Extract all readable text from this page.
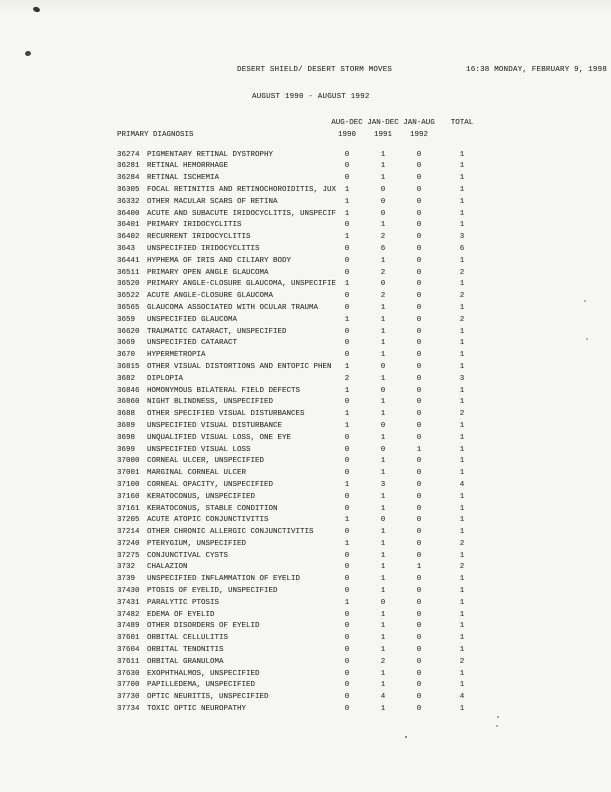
DESERT SHIELD/ DESERT STORM MOVES	16:38 MONDAY, FEBRUARY 9, 1998
AUGUST 1990 - AUGUST 1992
AUG-DEC JAN-DEC JAN-AUG	TOTAL
PRIMARY DIAGNOSIS	1990	1991	1992
36274 PIGMENTARY RETINAL DYSTROPHY	0	1	0	1
36281 RETINAL HEMORRHAGE	0	1	0	1
36284 RETINAL ISCHEMIA	0	1	0	1
36305 FOCAL RETINITIS AND RETINOCHOROIDITIS, JUX	1	0	0	1
36332 OTHER MACULAR SCARS OF RETINA	1	0	0	1
36400 ACUTE AND SUBACUTE IRIDOCYCLITIS, UNSPECIF	1	0	0	1
36401 PRIMARY IRIDOCYCLITIS	0	1	0	1
36402 RECURRENT IRIDOCYCLITIS	1	2	0	3
3643	UNSPECIFIED IRIDOCYCLITIS	0	6	0	6
36441 HYPHEMA OF IRIS AND CILIARY BODY	0	1	0	1
36511 PRIMARY OPEN ANGLE GLAUCOMA	0	2	0	2
36520 PRIMARY ANGLE-CLOSURE GLAUCOMA, UNSPECIFIE	1	0	0	1
36522 ACUTE ANGLE-CLOSURE GLAUCOMA	0	2	0	2
36565 GLAUCOMA ASSOCIATED WITH OCULAR TRAUMA	0	1	0	1
3659	UNSPECIFIED GLAUCOMA	1	1	0	2
36620 TRAUMATIC CATARACT, UNSPECIFIED	0	1	0	1
3669	UNSPECIFIED CATARACT	0	1	0	1
3670	HYPERMETROPIA	0	1	0	1
36815 OTHER VISUAL DISTORTIONS AND ENTOPIC PHEN	1	0	0	1
3682	DIPLOPIA	2	1	0	3
36846 HOMONYMOUS BILATERAL FIELD DEFECTS	1	0	0	1
36860 NIGHT BLINDNESS, UNSPECIFIED	0	1	0	1
3688	OTHER SPECIFIED VISUAL DISTURBANCES	1	1	0	2
3689	UNSPECIFIED VISUAL DISTURBANCE	1	0	0	1
3698	UNQUALIFIED VISUAL LOSS, ONE EYE	0	1	0	1
3699	UNSPECIFIED VISUAL LOSS	0	0	1	1
37000 CORNEAL ULCER, UNSPECIFIED	0	1	0	1
37001 MARGINAL CORNEAL ULCER	0	1	0	1
37100 CORNEAL OPACITY, UNSPECIFIED	1	3	0	4
37160 KERATOCONUS, UNSPECIFIED	0	1	0	1
37161 KERATOCONUS, STABLE CONDITION	0	1	0	1
37205 ACUTE ATOPIC CONJUNCTIVITIS	1	0	0	1
37214 OTHER CHRONIC ALLERGIC CONJUNCTIVITIS	0	1	0	1
37240 PTERYGIUM, UNSPECIFIED	1	1	0	2
37275 CONJUNCTIVAL CYSTS	0	1	0	1
3732	CHALAZION	0	1	1	2
3739	UNSPECIFIED INFLAMMATION OF EYELID	0	1	0	1
37430 PTOSIS OF EYELID, UNSPECIFIED	0	1	0	1
37431 PARALYTIC PTOSIS	1	0	0	1
37482 EDEMA OF EYELID	0	1	0	1
37489 OTHER DISORDERS OF EYELID	0	1	0	1
37601 ORBITAL CELLULITIS	0	1	0	1
37604 ORBITAL TENONITIS	0	1	0	1
37611 ORBITAL GRANULOMA	0	2	0	2
37630 EXOPHTHALMOS, UNSPECIFIED	0	1	0	1
37700 PAPILLEDEMA, UNSPECIFIED	0	1	0	1
37730 OPTIC NEURITIS, UNSPECIFIED	0	4	0	4
37734 TOXIC OPTIC NEUROPATHY	0	1	0	1
